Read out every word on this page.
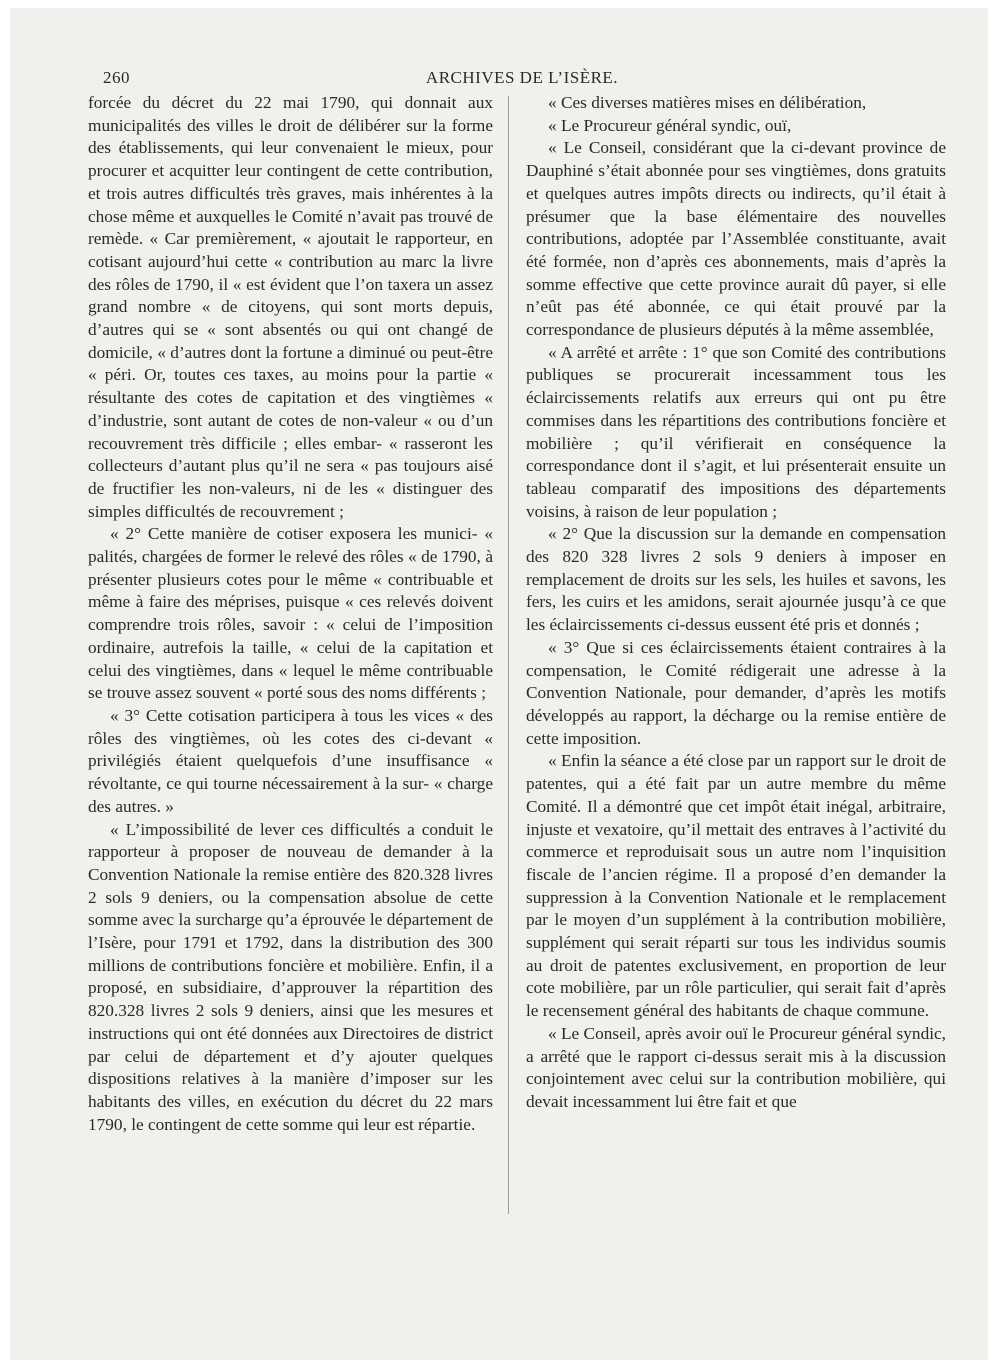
260	ARCHIVES DE L’ISÈRE.

forcée du décret du 22 mai 1790, qui donnait aux municipalités des villes le droit de délibérer sur la forme des établissements, qui leur convenaient le mieux, pour procurer et acquitter leur contingent de cette contribution, et trois autres difficultés très graves, mais inhérentes à la chose même et auxquelles le Comité n’avait pas trouvé de remède. « Car premièrement, « ajoutait le rapporteur, en cotisant aujourd’hui cette « contribution au marc la livre des rôles de 1790, il « est évident que l’on taxera un assez grand nombre « de citoyens, qui sont morts depuis, d’autres qui se « sont absentés ou qui ont changé de domicile, « d’autres dont la fortune a diminué ou peut-être « péri. Or, toutes ces taxes, au moins pour la partie « résultante des cotes de capitation et des vingtièmes « d’industrie, sont autant de cotes de non-valeur « ou d’un recouvrement très difficile ; elles embar- « rasseront les collecteurs d’autant plus qu’il ne sera « pas toujours aisé de fructifier les non-valeurs, ni de les « distinguer des simples difficultés de recouvrement ;

« 2° Cette manière de cotiser exposera les munici- « palités, chargées de former le relevé des rôles « de 1790, à présenter plusieurs cotes pour le même « contribuable et même à faire des méprises, puisque « ces relevés doivent comprendre trois rôles, savoir : « celui de l’imposition ordinaire, autrefois la taille, « celui de la capitation et celui des vingtièmes, dans « lequel le même contribuable se trouve assez souvent « porté sous des noms différents ;

« 3° Cette cotisation participera à tous les vices « des rôles des vingtièmes, où les cotes des ci-devant « privilégiés étaient quelquefois d’une insuffisance « révoltante, ce qui tourne nécessairement à la sur- « charge des autres. »

« L’impossibilité de lever ces difficultés a conduit le rapporteur à proposer de nouveau de demander à la Convention Nationale la remise entière des 820.328 livres 2 sols 9 deniers, ou la compensation absolue de cette somme avec la surcharge qu’a éprouvée le département de l’Isère, pour 1791 et 1792, dans la distribution des 300 millions de contributions foncière et mobilière. Enfin, il a proposé, en subsidiaire, d’approuver la répartition des 820.328 livres 2 sols 9 deniers, ainsi que les mesures et instructions qui ont été données aux Directoires de district par celui de département et d’y ajouter quelques dispositions relatives à la manière d’imposer sur les habitants des villes, en exécution du décret du 22 mars 1790, le contingent de cette somme qui leur est répartie.

« Ces diverses matières mises en délibération,

« Le Procureur général syndic, ouï,

« Le Conseil, considérant que la ci-devant province de Dauphiné s’était abonnée pour ses vingtièmes, dons gratuits et quelques autres impôts directs ou indirects, qu’il était à présumer que la base élémentaire des nouvelles contributions, adoptée par l’Assemblée constituante, avait été formée, non d’après ces abonnements, mais d’après la somme effective que cette province aurait dû payer, si elle n’eût pas été abonnée, ce qui était prouvé par la correspondance de plusieurs députés à la même assemblée,

« A arrêté et arrête : 1° que son Comité des contributions publiques se procurerait incessamment tous les éclaircissements relatifs aux erreurs qui ont pu être commises dans les répartitions des contributions foncière et mobilière ; qu’il vérifierait en conséquence la correspondance dont il s’agit, et lui présenterait ensuite un tableau comparatif des impositions des départements voisins, à raison de leur population ;

« 2° Que la discussion sur la demande en compensation des 820 328 livres 2 sols 9 deniers à imposer en remplacement de droits sur les sels, les huiles et savons, les fers, les cuirs et les amidons, serait ajournée jusqu’à ce que les éclaircissements ci-dessus eussent été pris et donnés ;

« 3° Que si ces éclaircissements étaient contraires à la compensation, le Comité rédigerait une adresse à la Convention Nationale, pour demander, d’après les motifs développés au rapport, la décharge ou la remise entière de cette imposition.

« Enfin la séance a été close par un rapport sur le droit de patentes, qui a été fait par un autre membre du même Comité. Il a démontré que cet impôt était inégal, arbitraire, injuste et vexatoire, qu’il mettait des entraves à l’activité du commerce et reproduisait sous un autre nom l’inquisition fiscale de l’ancien régime. Il a proposé d’en demander la suppression à la Convention Nationale et le remplacement par le moyen d’un supplément à la contribution mobilière, supplément qui serait réparti sur tous les individus soumis au droit de patentes exclusivement, en proportion de leur cote mobilière, par un rôle particulier, qui serait fait d’après le recensement général des habitants de chaque commune.

« Le Conseil, après avoir ouï le Procureur général syndic, a arrêté que le rapport ci-dessus serait mis à la discussion conjointement avec celui sur la contribution mobilière, qui devait incessamment lui être fait et que
